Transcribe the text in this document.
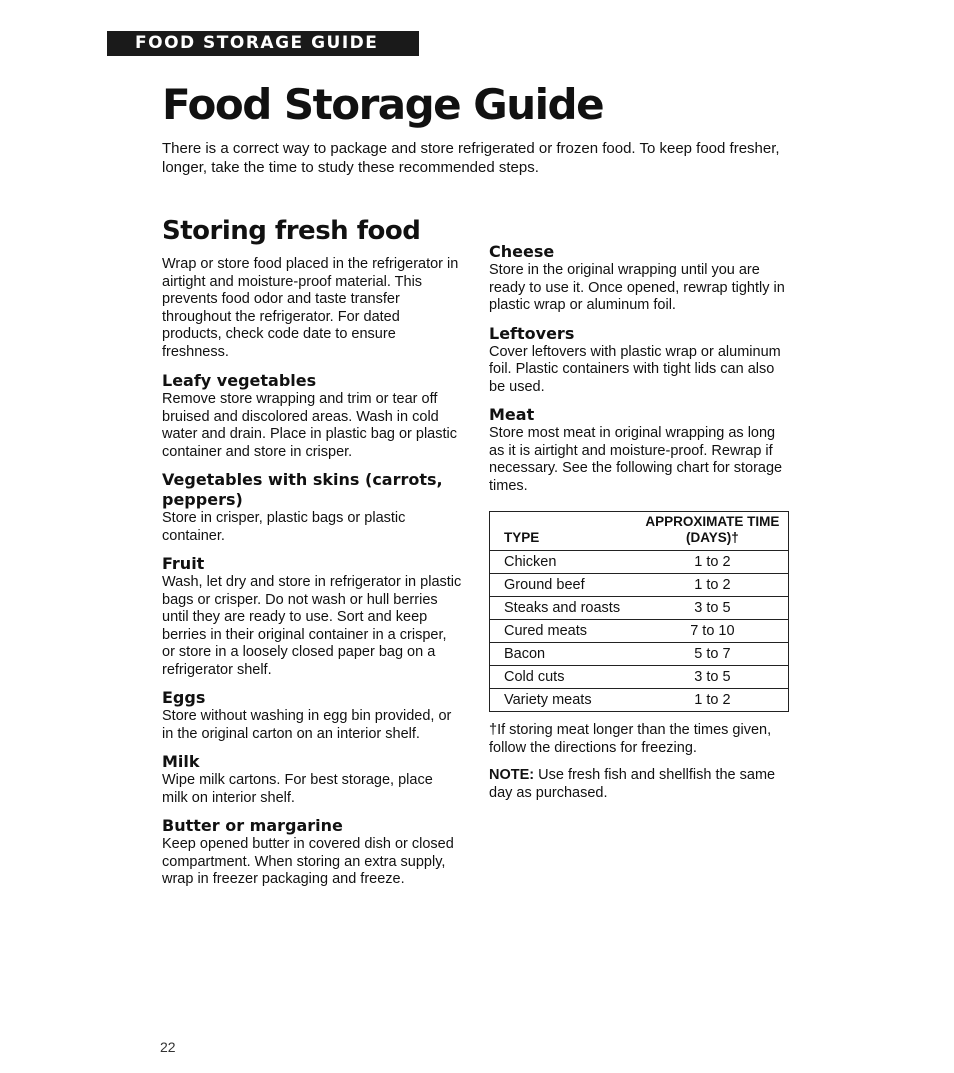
FOOD STORAGE GUIDE
Food Storage Guide

There is a correct way to package and store refrigerated or frozen food. To keep food fresher, longer, take the time to study these recommended steps.

Storing fresh food

Wrap or store food placed in the refrigerator in airtight and moisture-proof material. This prevents food odor and taste transfer throughout the refrigerator. For dated products, check code date to ensure freshness.

Leafy vegetables

Remove store wrapping and trim or tear off bruised and discolored areas. Wash in cold water and drain. Place in plastic bag or plastic container and store in crisper.

Vegetables with skins (carrots, peppers)

Store in crisper, plastic bags or plastic container.

Fruit

Wash, let dry and store in refrigerator in plastic bags or crisper. Do not wash or hull berries until they are ready to use. Sort and keep berries in their original container in a crisper, or store in a loosely closed paper bag on a refrigerator shelf.

Eggs

Store without washing in egg bin provided, or in the original carton on an interior shelf.

Milk

Wipe milk cartons. For best storage, place milk on interior shelf.

Butter or margarine

Keep opened butter in covered dish or closed compartment. When storing an extra supply, wrap in freezer packaging and freeze.

Cheese

Store in the original wrapping until you are ready to use it. Once opened, rewrap tightly in plastic wrap or aluminum foil.

Leftovers

Cover leftovers with plastic wrap or aluminum foil. Plastic containers with tight lids can also be used.

Meat

Store most meat in original wrapping as long as it is airtight and moisture-proof. Rewrap if necessary. See the following chart for storage times.

TYPE	APPROXIMATE TIME
(DAYS)†
Chicken	1 to 2
Ground beef	1 to 2
Steaks and roasts	3 to 5
Cured meats	7 to 10
Bacon	5 to 7
Cold cuts	3 to 5
Variety meats	1 to 2

†If storing meat longer than the times given, follow the directions for freezing.

NOTE: Use fresh fish and shellfish the same day as purchased.

22
